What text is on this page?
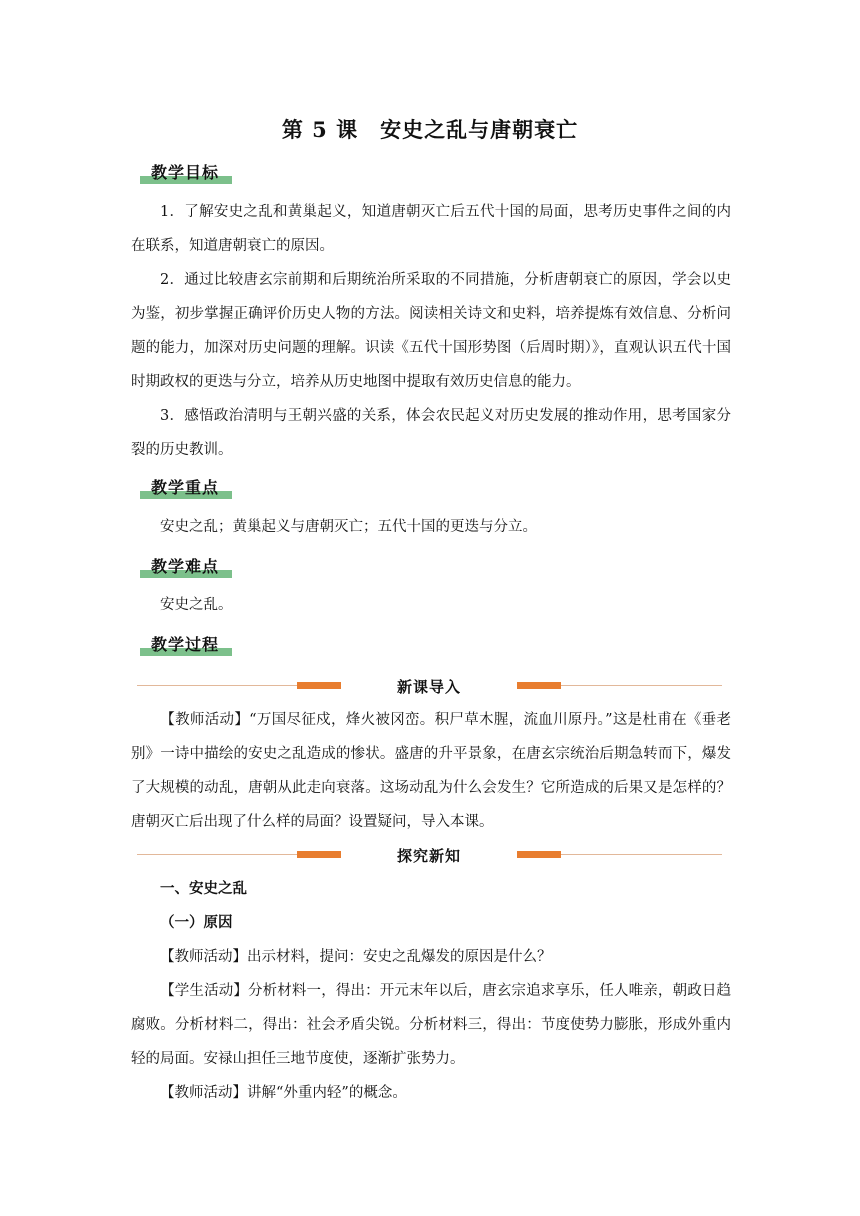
第 5 课　安史之乱与唐朝衰亡
教学目标
1．了解安史之乱和黄巢起义，知道唐朝灭亡后五代十国的局面，思考历史事件之间的内在联系，知道唐朝衰亡的原因。
2．通过比较唐玄宗前期和后期统治所采取的不同措施，分析唐朝衰亡的原因，学会以史为鉴，初步掌握正确评价历史人物的方法。阅读相关诗文和史料，培养提炼有效信息、分析问题的能力，加深对历史问题的理解。识读《五代十国形势图（后周时期）》，直观认识五代十国时期政权的更迭与分立，培养从历史地图中提取有效历史信息的能力。
3．感悟政治清明与王朝兴盛的关系，体会农民起义对历史发展的推动作用，思考国家分裂的历史教训。
教学重点
安史之乱；黄巢起义与唐朝灭亡；五代十国的更迭与分立。
教学难点
安史之乱。
教学过程
新课导入
【教师活动】“万国尽征戍，烽火被冈峦。积尸草木腥，流血川原丹。”这是杜甫在《垂老别》一诗中描绘的安史之乱造成的惨状。盛唐的升平景象，在唐玄宗统治后期急转而下，爆发了大规模的动乱，唐朝从此走向衰落。这场动乱为什么会发生？它所造成的后果又是怎样的？唐朝灭亡后出现了什么样的局面？设置疑问，导入本课。
探究新知
一、安史之乱
（一）原因
【教师活动】出示材料，提问：安史之乱爆发的原因是什么？
【学生活动】分析材料一，得出：开元末年以后，唐玄宗追求享乐，任人唯亲，朝政日趋腐败。分析材料二，得出：社会矛盾尖锐。分析材料三，得出：节度使势力膨胀，形成外重内轻的局面。安禄山担任三地节度使，逐渐扩张势力。
【教师活动】讲解“外重内轻”的概念。
